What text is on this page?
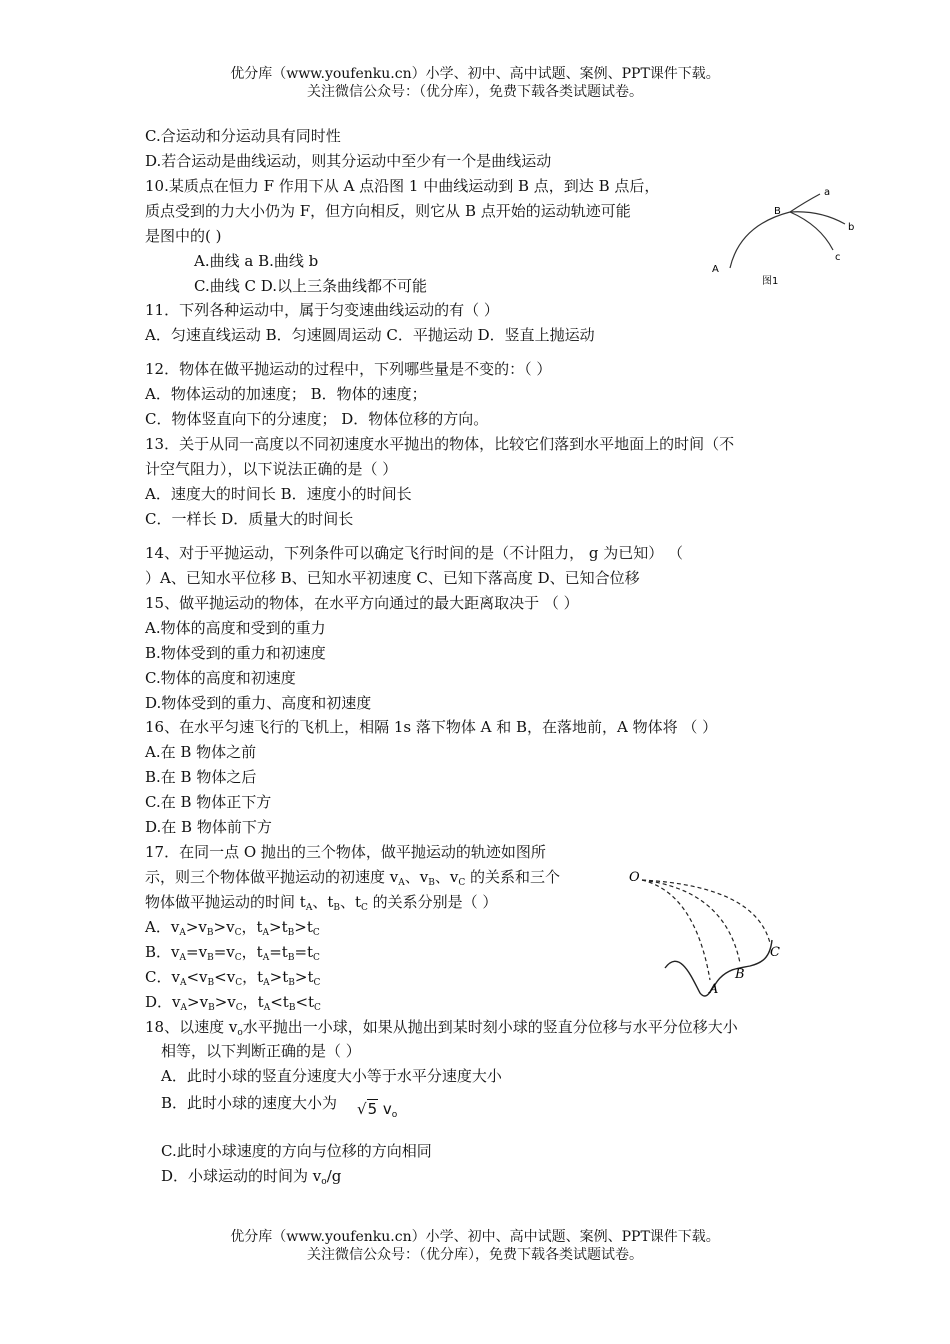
优分库（www.youfenku.cn）小学、初中、高中试题、案例、PPT课件下载。
关注微信公众号：（优分库），免费下载各类试题试卷。
C.合运动和分运动具有同时性
D.若合运动是曲线运动，则其分运动中至少有一个是曲线运动
10.某质点在恒力 F 作用下从 A 点沿图 1 中曲线运动到 B 点，到达 B 点后，
质点受到的力大小仍为 F，但方向相反，则它从 B 点开始的运动轨迹可能
是图中的( )
A.曲线 a B.曲线 b
C.曲线 C D.以上三条曲线都不可能
a
b
c
B
A
图1
11．下列各种运动中，属于匀变速曲线运动的有（ ）
A．匀速直线运动 B．匀速圆周运动 C．平抛运动 D．竖直上抛运动
12．物体在做平抛运动的过程中，下列哪些量是不变的：（ ）
A．物体运动的加速度； B．物体的速度；
C．物体竖直向下的分速度； D．物体位移的方向。
13．关于从同一高度以不同初速度水平抛出的物体，比较它们落到水平地面上的时间（不
计空气阻力），以下说法正确的是（ ）
A．速度大的时间长 B．速度小的时间长
C．一样长 D．质量大的时间长
14、对于平抛运动，下列条件可以确定飞行时间的是（不计阻力， g 为已知） （
）A、已知水平位移 B、已知水平初速度 C、已知下落高度 D、已知合位移
15、做平抛运动的物体，在水平方向通过的最大距离取决于 （ ）
A.物体的高度和受到的重力
B.物体受到的重力和初速度
C.物体的高度和初速度
D.物体受到的重力、高度和初速度
16、在水平匀速飞行的飞机上，相隔 1s 落下物体 A 和 B，在落地前，A 物体将 （ ）
A.在 B 物体之前
B.在 B 物体之后
C.在 B 物体正下方
D.在 B 物体前下方
17．在同一点 O 抛出的三个物体，做平抛运动的轨迹如图所
示，则三个物体做平抛运动的初速度 $v_A$、$v_B$、$v_C$ 的关系和三个
物体做平抛运动的时间 $t_A$、$t_B$、$t_C$ 的关系分别是（ ）
A．$v_A>v_B>v_C$，$t_A>t_B>t_C$
B．$v_A=v_B=v_C$，$t_A=t_B=t_C$
C．$v_A<v_B<v_C$，$t_A>t_B>t_C$
D．$v_A>v_B>v_C$，$t_A<t_B<t_C$
O
A
B
C
18、以速度 $v_o$水平抛出一小球，如果从抛出到某时刻小球的竖直分位移与水平分位移大小
相等，以下判断正确的是（ ）
A．此时小球的竖直分速度大小等于水平分速度大小
B．此时小球的速度大小为 √5 $v_o$
C.此时小球速度的方向与位移的方向相同
D．小球运动的时间为 $v_o/g$
优分库（www.youfenku.cn）小学、初中、高中试题、案例、PPT课件下载。
关注微信公众号：（优分库），免费下载各类试题试卷。
